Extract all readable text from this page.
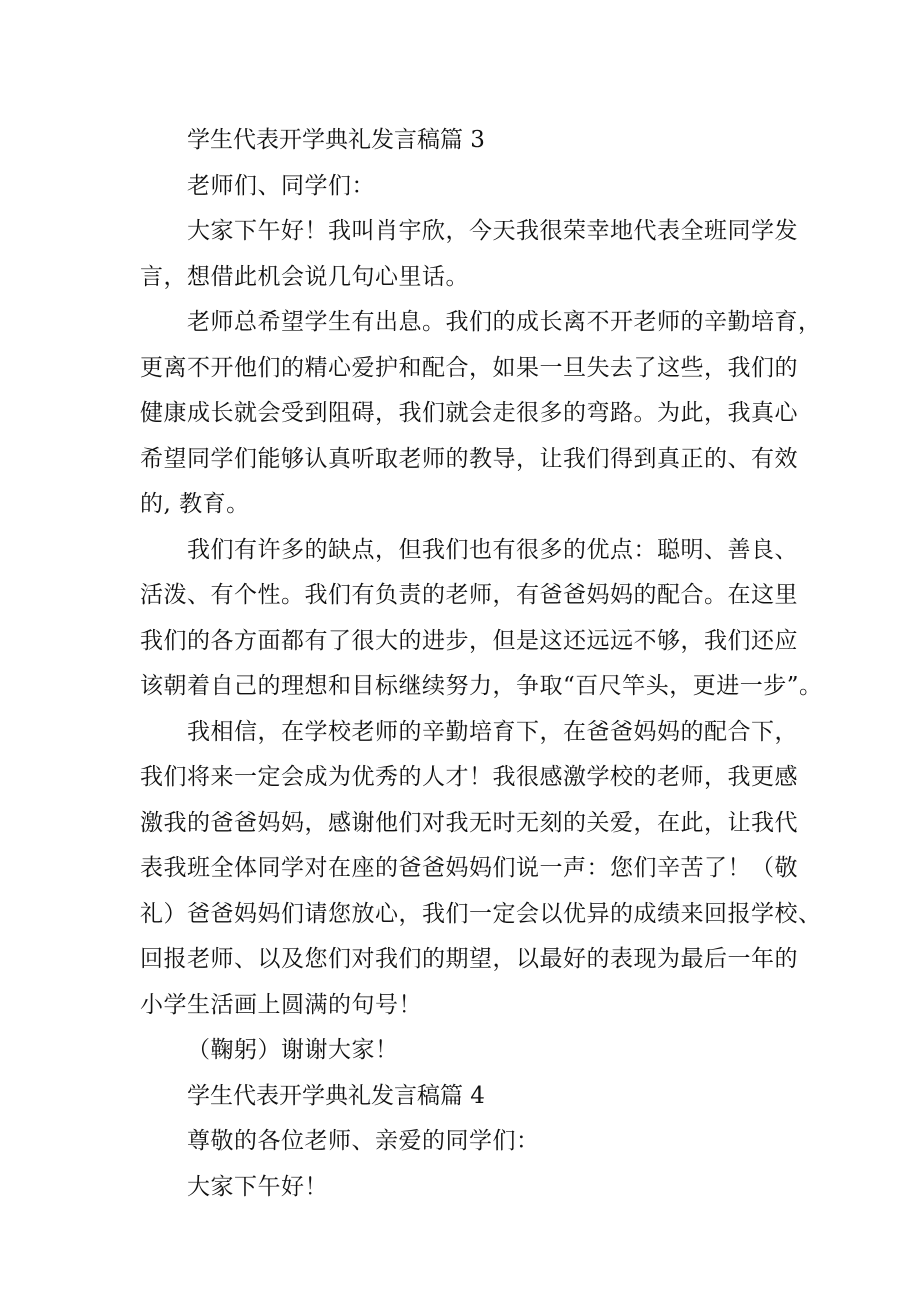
学生代表开学典礼发言稿篇 3

老师们、同学们：

大家下午好！我叫肖宇欣，今天我很荣幸地代表全班同学发
言，想借此机会说几句心里话。
老师总希望学生有出息。我们的成长离不开老师的辛勤培育，
更离不开他们的精心爱护和配合，如果一旦失去了这些，我们的
健康成长就会受到阻碍，我们就会走很多的弯路。为此，我真心
希望同学们能够认真听取老师的教导，让我们得到真正的、有效
的, 教育。
我们有许多的缺点，但我们也有很多的优点：聪明、善良、
活泼、有个性。我们有负责的老师，有爸爸妈妈的配合。在这里
我们的各方面都有了很大的进步，但是这还远远不够，我们还应
该朝着自己的理想和目标继续努力，争取“百尺竿头，更进一步”。
我相信，在学校老师的辛勤培育下，在爸爸妈妈的配合下，
我们将来一定会成为优秀的人才！我很感激学校的老师，我更感
激我的爸爸妈妈，感谢他们对我无时无刻的关爱，在此，让我代
表我班全体同学对在座的爸爸妈妈们说一声：您们辛苦了！（敬
礼）爸爸妈妈们请您放心，我们一定会以优异的成绩来回报学校、
回报老师、以及您们对我们的期望，以最好的表现为最后一年的
小学生活画上圆满的句号！

（鞠躬）谢谢大家！

学生代表开学典礼发言稿篇 4

尊敬的各位老师、亲爱的同学们：

大家下午好！
